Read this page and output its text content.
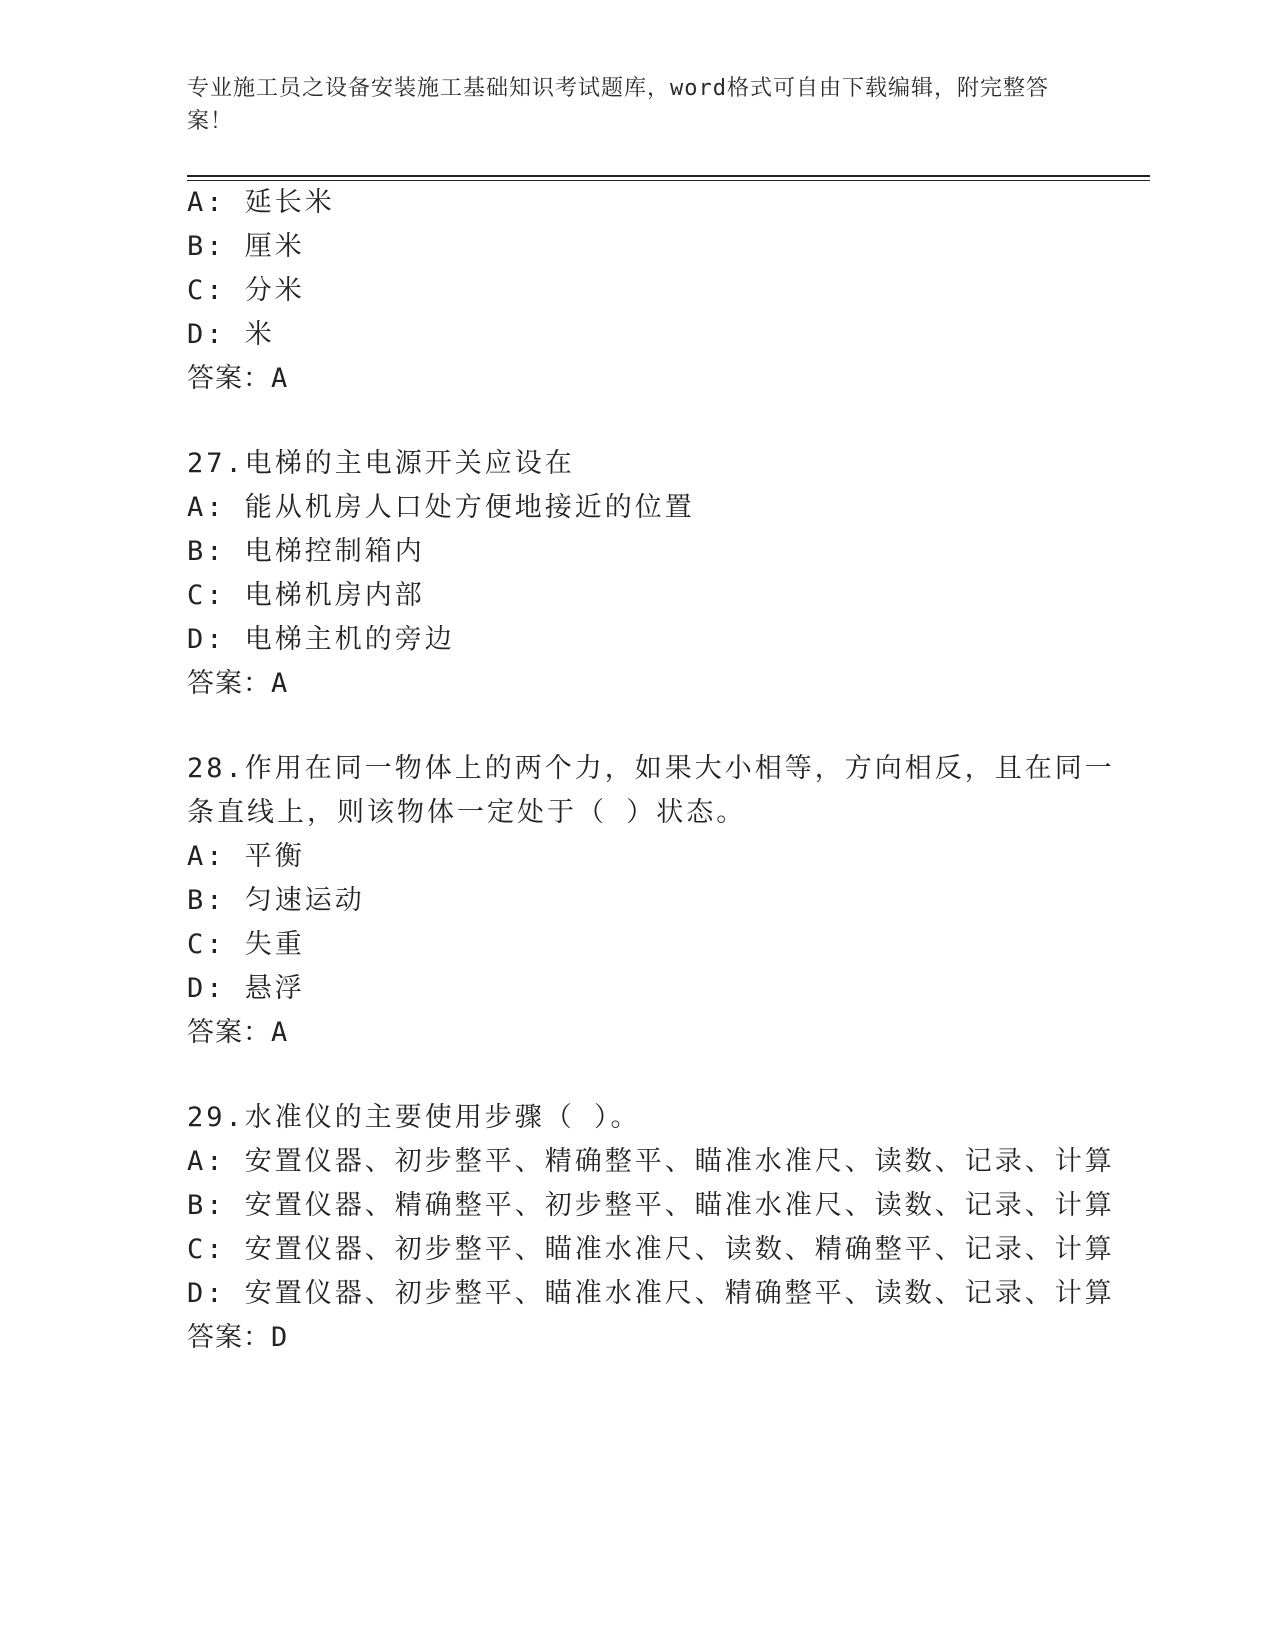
专业施工员之设备安装施工基础知识考试题库，word格式可自由下载编辑，附完整答案！
A: 延长米
B: 厘米
C: 分米
D: 米
答案：A
27.电梯的主电源开关应设在
A: 能从机房人口处方便地接近的位置
B: 电梯控制箱内
C: 电梯机房内部
D: 电梯主机的旁边
答案：A
28.作用在同一物体上的两个力，如果大小相等，方向相反，且在同一
条直线上，则该物体一定处于（ ）状态。
A: 平衡
B: 匀速运动
C: 失重
D: 悬浮
答案：A
29.水准仪的主要使用步骤（ ）。
A: 安置仪器、初步整平、精确整平、瞄准水准尺、读数、记录、计算
B: 安置仪器、精确整平、初步整平、瞄准水准尺、读数、记录、计算
C: 安置仪器、初步整平、瞄准水准尺、读数、精确整平、记录、计算
D: 安置仪器、初步整平、瞄准水准尺、精确整平、读数、记录、计算
答案：D
